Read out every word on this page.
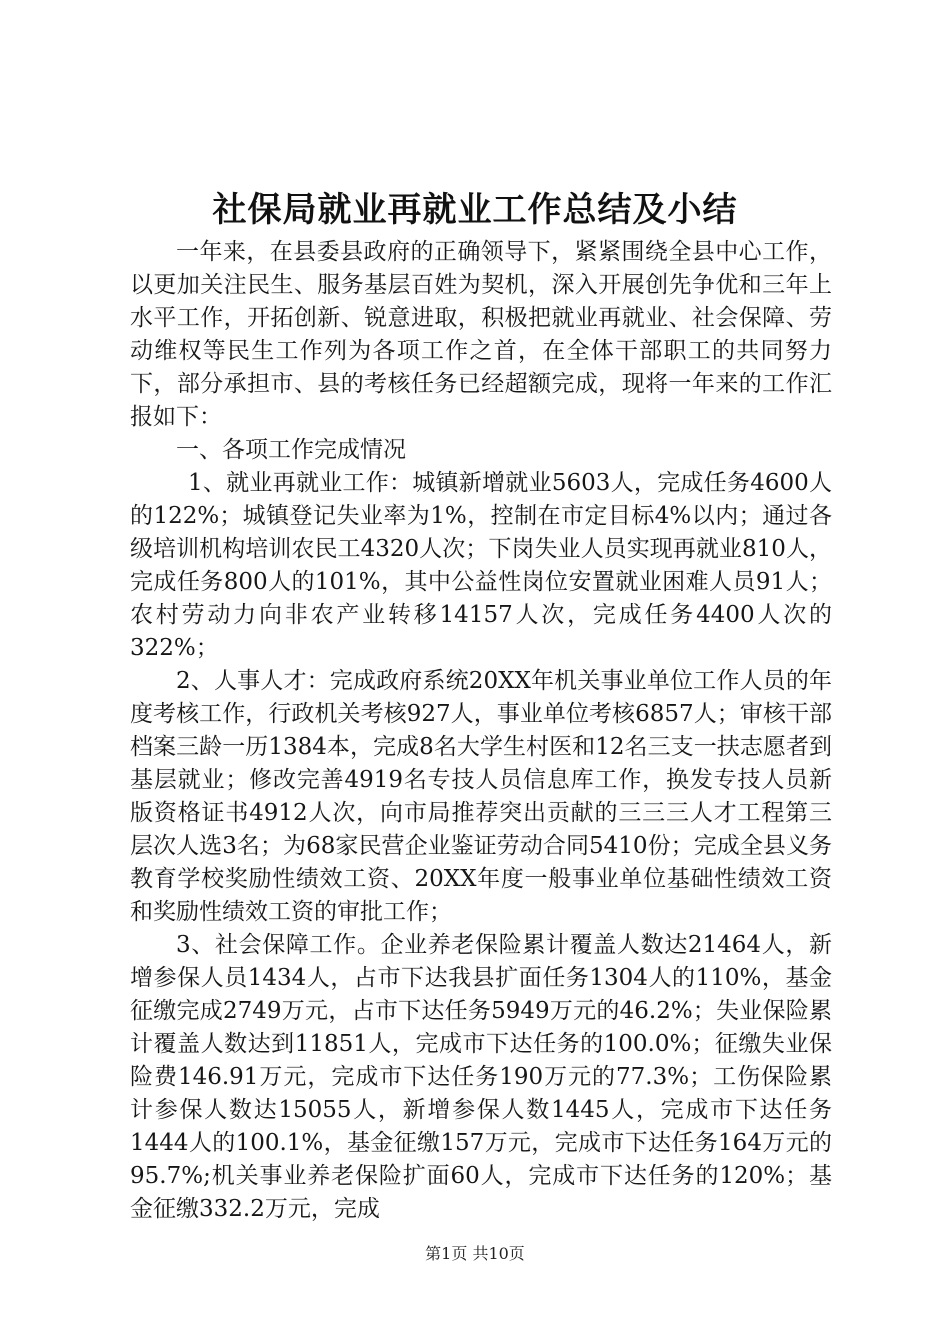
社保局就业再就业工作总结及小结

一年来，在县委县政府的正确领导下，紧紧围绕全县中心工作，以更加关注民生、服务基层百姓为契机，深入开展创先争优和三年上水平工作，开拓创新、锐意进取，积极把就业再就业、社会保障、劳动维权等民生工作列为各项工作之首，在全体干部职工的共同努力下，部分承担市、县的考核任务已经超额完成，现将一年来的工作汇报如下：

一、各项工作完成情况

1、就业再就业工作：城镇新增就业5603人，完成任务4600人的122%；城镇登记失业率为1%，控制在市定目标4%以内；通过各级培训机构培训农民工4320人次；下岗失业人员实现再就业810人，完成任务800人的101%，其中公益性岗位安置就业困难人员91人；农村劳动力向非农产业转移14157人次，完成任务4400人次的322%；

2、人事人才：完成政府系统20XX年机关事业单位工作人员的年度考核工作，行政机关考核927人，事业单位考核6857人；审核干部档案三龄一历1384本，完成8名大学生村医和12名三支一扶志愿者到基层就业；修改完善4919名专技人员信息库工作，换发专技人员新版资格证书4912人次，向市局推荐突出贡献的三三三人才工程第三层次人选3名；为68家民营企业鉴证劳动合同5410份；完成全县义务教育学校奖励性绩效工资、20XX年度一般事业单位基础性绩效工资和奖励性绩效工资的审批工作；

3、社会保障工作。企业养老保险累计覆盖人数达21464人，新增参保人员1434人，占市下达我县扩面任务1304人的110%，基金征缴完成2749万元，占市下达任务5949万元的46.2%；失业保险累计覆盖人数达到11851人，完成市下达任务的100.0%；征缴失业保险费146.91万元，完成市下达任务190万元的77.3%；工伤保险累计参保人数达15055人，新增参保人数1445人，完成市下达任务1444人的100.1%，基金征缴157万元，完成市下达任务164万元的95.7%;机关事业养老保险扩面60人，完成市下达任务的120%；基金征缴332.2万元，完成

第1页 共10页
